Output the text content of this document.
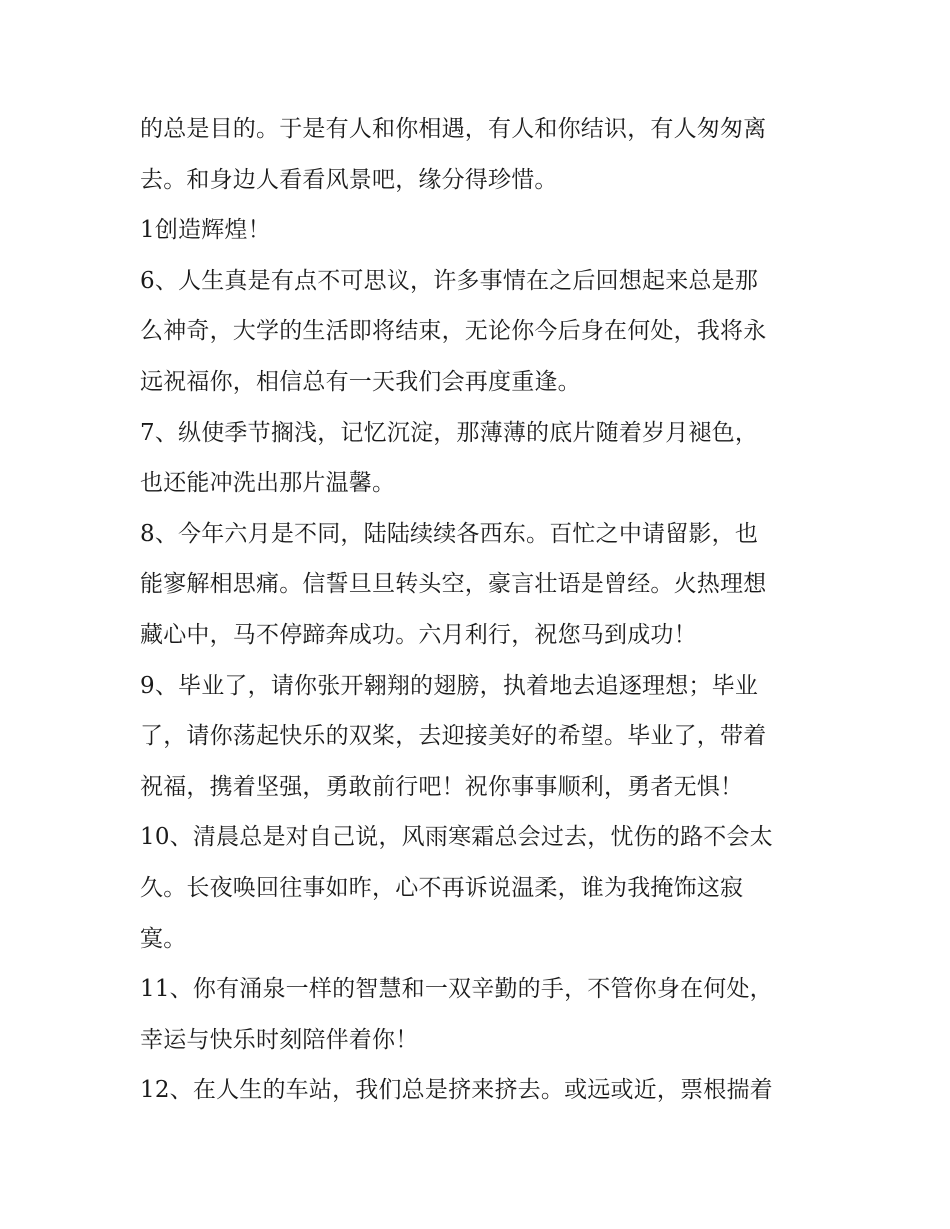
的总是目的。于是有人和你相遇，有人和你结识，有人匆匆离
去。和身边人看看风景吧，缘分得珍惜。
1创造辉煌！
6、人生真是有点不可思议，许多事情在之后回想起来总是那
么神奇，大学的生活即将结束，无论你今后身在何处，我将永
远祝福你，相信总有一天我们会再度重逢。
7、纵使季节搁浅，记忆沉淀，那薄薄的底片随着岁月褪色，
也还能冲洗出那片温馨。
8、今年六月是不同，陆陆续续各西东。百忙之中请留影，也
能寥解相思痛。信誓旦旦转头空，豪言壮语是曾经。火热理想
藏心中，马不停蹄奔成功。六月利行，祝您马到成功！
9、毕业了，请你张开翱翔的翅膀，执着地去追逐理想；毕业
了，请你荡起快乐的双桨，去迎接美好的希望。毕业了，带着
祝福，携着坚强，勇敢前行吧！祝你事事顺利，勇者无惧！
10、清晨总是对自己说，风雨寒霜总会过去，忧伤的路不会太
久。长夜唤回往事如昨，心不再诉说温柔，谁为我掩饰这寂
寞。
11、你有涌泉一样的智慧和一双辛勤的手，不管你身在何处，
幸运与快乐时刻陪伴着你！
12、在人生的车站，我们总是挤来挤去。或远或近，票根揣着
